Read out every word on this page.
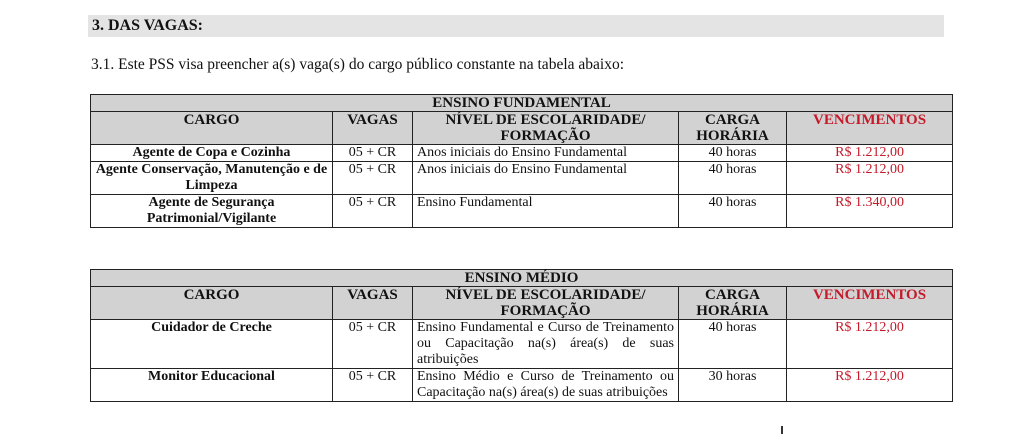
3. DAS VAGAS:
3.1. Este PSS visa preencher a(s) vaga(s) do cargo público constante na tabela abaixo:
ENSINO FUNDAMENTAL				
CARGO	VAGAS	NÍVEL DE ESCOLARIDADE/ FORMAÇÃO	CARGA HORÁRIA	VENCIMENTOS
Agente de Copa e Cozinha	05 + CR	Anos iniciais do Ensino Fundamental	40 horas	R$ 1.212,00
Agente Conservação, Manutenção e de Limpeza	05 + CR	Anos iniciais do Ensino Fundamental	40 horas	R$ 1.212,00
Agente de Segurança Patrimonial/Vigilante	05 + CR	Ensino Fundamental	40 horas	R$ 1.340,00
ENSINO MÉDIO				
CARGO	VAGAS	NÍVEL DE ESCOLARIDADE/ FORMAÇÃO	CARGA HORÁRIA	VENCIMENTOS
Cuidador de Creche	05 + CR	Ensino Fundamental e Curso de Treinamento ou Capacitação na(s) área(s) de suas atribuições	40 horas	R$ 1.212,00
Monitor Educacional	05 + CR	Ensino Médio e Curso de Treinamento ou Capacitação na(s) área(s) de suas atribuições	30 horas	R$ 1.212,00
